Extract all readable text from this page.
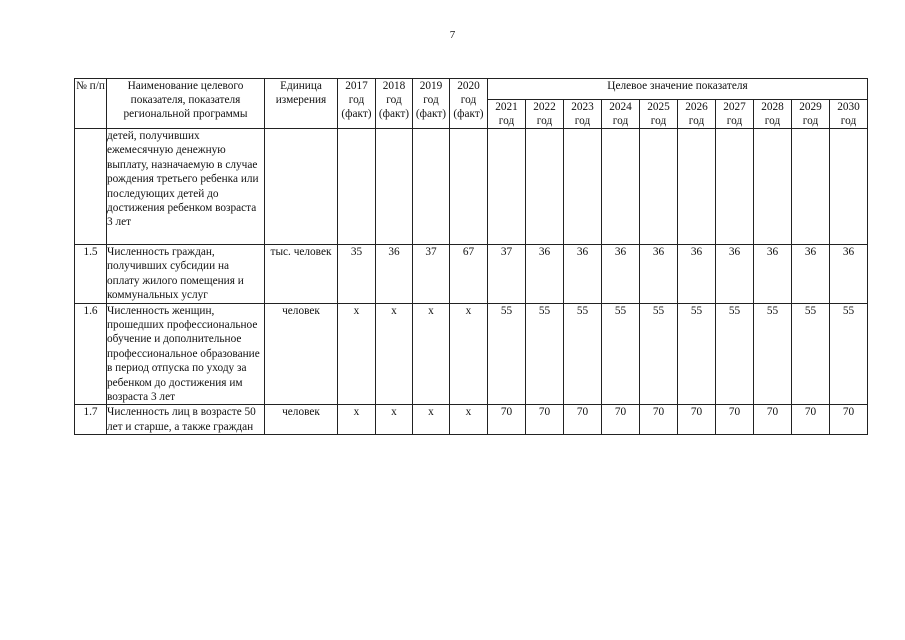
7
№ п/п	Наименование целевого показателя, показателя региональной программы	Единица измерения	2017 год (факт)	2018 год (факт)	2019 год (факт)	2020 год (факт)	Целевое значение показателя									
							2021 год	2022 год	2023 год	2024 год	2025 год	2026 год	2027 год	2028 год	2029 год	2030 год
	детей, получивших ежемесячную денежную выплату, назначаемую в случае рождения третьего ребенка или последующих детей до достижения ребенком возраста 3 лет															
1.5	Численность граждан, получивших субсидии на оплату жилого помещения и коммунальных услуг	тыс. человек	35	36	37	67	37	36	36	36	36	36	36	36	36	36
1.6	Численность женщин, прошедших профессиональное обучение и дополнительное профессиональное образование в период отпуска по уходу за ребенком до достижения им возраста 3 лет	человек	х	х	х	х	55	55	55	55	55	55	55	55	55	55
1.7	Численность лиц в возрасте 50 лет и старше, а также граждан	человек	х	х	х	х	70	70	70	70	70	70	70	70	70	70
